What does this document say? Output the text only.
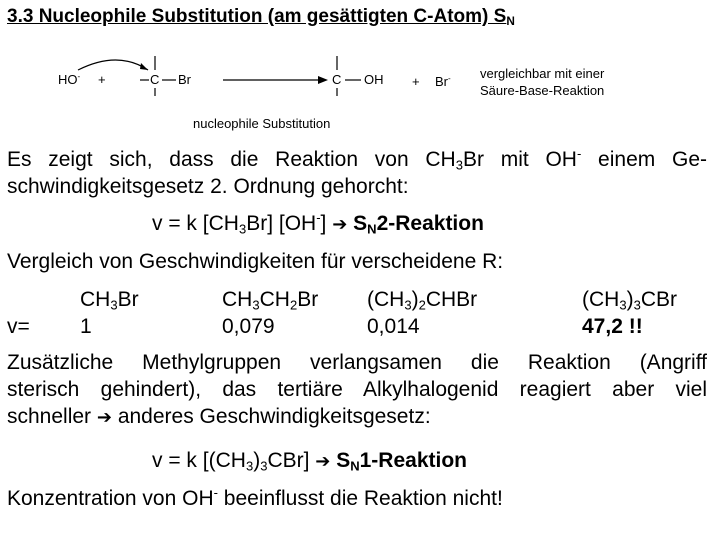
3.3 Nucleophile Substitution (am gesättigten C-Atom) $S_N$
HO- +	C Br	C OH + Br- vergleichbar mit einer
Säure-Base-Reaktion
nucleophile Substitution
Es zeigt sich, dass die Reaktion von $CH_3Br$ mit OH- einem Ge-
schwindigkeitsgesetz 2. Ordnung gehorcht:
v = k $[CH_3Br]$ [OH-] ➔ $S_N2$-Reaktion
Vergleich von Geschwindigkeiten für verscheidene R:
v=
$CH_3Br$
1
$CH_3CH_2Br$
0,079
$(CH_3)_2CHBr$
0,014
$(CH_3)_3CBr$
47,2 !!
Zusätzliche Methylgruppen verlangsamen die Reaktion (Angriff
sterisch gehindert), das tertiäre Alkylhalogenid reagiert aber viel
schneller ➔ anderes Geschwindigkeitsgesetz:
v = k $[(CH_3)_3CBr]$ ➔ $S_N1$-Reaktion
Konzentration von OH- beeinflusst die Reaktion nicht!
